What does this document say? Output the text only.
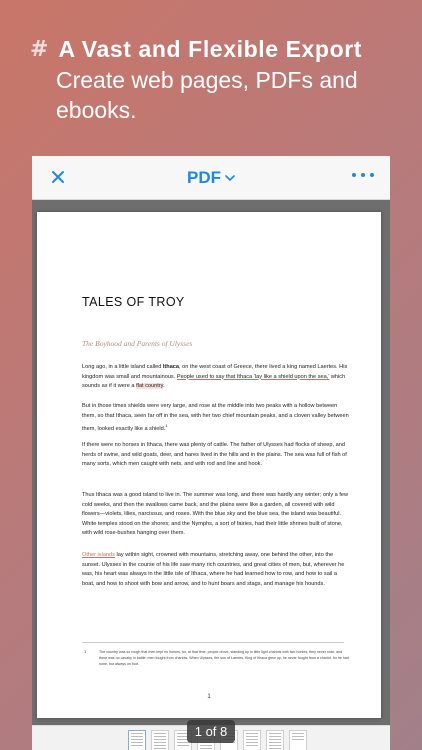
# A Vast and Flexible Export
Create web pages, PDFs and
ebooks.
PDF
TALES OF TROY
The Boyhood and Parents of Ulysses

Long ago, in a little island called Ithaca, on the west coast of Greece, there lived a king named Laertes. His kingdom was small and mountainous. People used to say that Ithaca ‘lay like a shield upon the sea,’ which sounds as if it were a flat country.

But in those times shields were very large, and rose at the middle into two peaks with a hollow between them, so that Ithaca, seen far off in the sea, with her two chief mountain peaks, and a cloven valley between them, looked exactly like a shield.$^1$

If there were no horses in Ithaca, there was plenty of cattle. The father of Ulysses had flocks of sheep, and herds of swine, and wild goats, deer, and hares lived in the hills and in the plains. The sea was full of fish of many sorts, which men caught with nets, and with rod and line and hook.

Thus Ithaca was a good island to live in. The summer was long, and there was hardly any winter; only a few cold weeks, and then the swallows came back, and the plains were like a garden, all covered with wild flowers—violets, lilies, narcissus, and roses. With the blue sky and the blue sea, the island was beautiful. White temples stood on the shores; and the Nymphs, a sort of fairies, had their little shrines built of stone, with wild rose-bushes hanging over them.

Other islands lay within sight, crowned with mountains, stretching away, one behind the other, into the sunset. Ulysses in the course of his life saw many rich countries, and great cities of men, but, wherever he was, his heart was always in the little isle of Ithaca, where he had learned how to row, and how to sail a boat, and how to shoot with bow and arrow, and to hunt boars and stags, and manage his hounds.

1	The country was so rough that men kept no horses, for, at that time, people drove, standing up in little light chariots with two horses; they never rode, and there was no cavalry in battle: men fought from chariots. When Ulysses, the son of Laertes, King of Ithaca grew up, he never fought from a chariot, for he had none, but always on foot.
1
1 of 8
